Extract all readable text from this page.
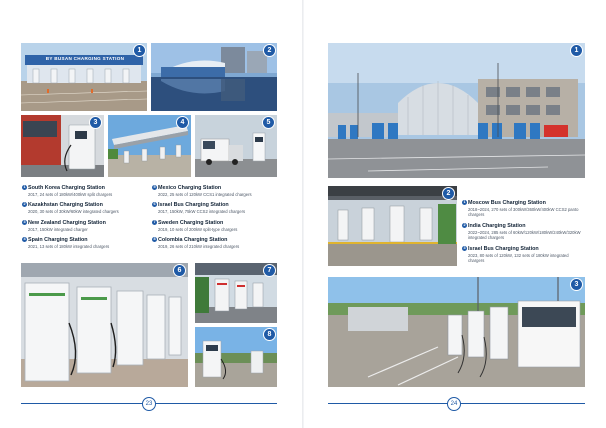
BY BUSAN CHARGING STATION
1	2
3	4	5
1 South Korea Charging Station
2017, 24 sets of 180kW/400kW split chargers
2 Kazakhstan Charging Station
2020, 30 sets of 30kW/60kW integrated chargers
3 New Zealand Charging Station
2017, 150kW integrated charger
4 Spain Charging Station
2021, 13 sets of 180kW integrated chargers
5 Mexico Charging Station
2022, 25 sets of 120kW CCS1 integrated chargers
6 Israel Bus Charging Station
2017, 150kW, 75kW CCS2 integrated chargers
7 Sweden Charging Station
2019, 10 sets of 200kW split-type chargers
8 Colombia Charging Station
2019, 26 sets of 210kW integrated chargers
6	7
8
23
1
2
1 Moscow Bus Charging Station
2018~2024, 270 sets of 300kW/360kW/400kW CCS2 panto chargers
2 India Charging Station
2022~2024, 285 sets of 60kW/120kW/180kW/240kW/320kW integrated chargers
3 Israel Bus Charging Station
2023, 80 sets of 120kW, 132 sets of 180kW integrated chargers
3
24
